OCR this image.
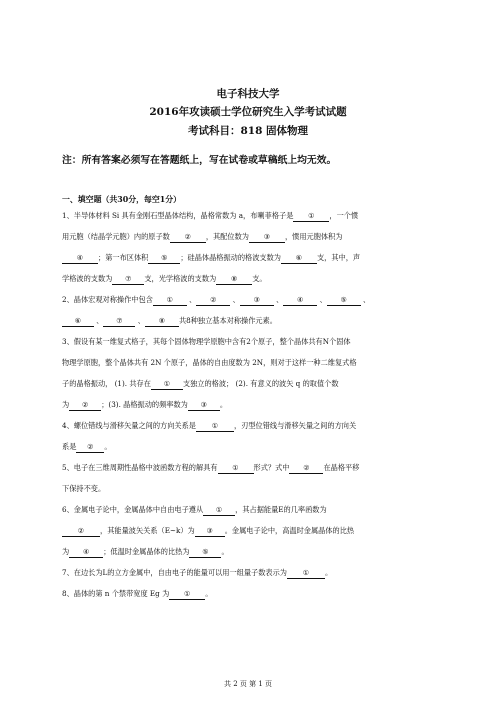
电子科技大学
2016年攻读硕士学位研究生入学考试试题
考试科目：818 固体物理
注：所有答案必须写在答题纸上，写在试卷或草稿纸上均无效。
一、填空题（共30分，每空1分）
1、半导体材料 Si 具有金刚石型晶体结构，晶格常数为 a，布喇菲格子是 ① ，一个惯
用元胞（结晶学元胞）内的原子数 ② ，其配位数为 ③ ，惯用元胞体积为
④ ；第一布区体积 ⑤ ；硅晶体晶格振动的格波支数为 ⑥ 支，其中，声
学格波的支数为 ⑦ 支，光学格波的支数为 ⑧ 支。
2、晶体宏观对称操作中包含 ① 、 ② 、 ③ 、 ④ 、 ⑤ 、
⑥ 、 ⑦ 、 ⑧ 共8种独立基本对称操作元素。
3、假设有某一维复式格子，其每个固体物理学原胞中含有2个原子，整个晶体共有N个固体
物理学原胞，整个晶体共有 2N 个原子，晶体的自由度数为 2N，则对于这样一种二维复式格
子的晶格振动， (1). 共存在 ① 支独立的格波； (2). 有意义的波矢 q 的取值个数
为 ② ；(3). 晶格振动的频率数为 ③ 。
4、螺位错线与滑移矢量之间的方向关系是 ① ，刃型位错线与滑移矢量之间的方向关
系是 ② 。
5、电子在三维周期性晶格中波函数方程的解具有 ① 形式？式中 ② 在晶格平移
下保持不变。
6、金属电子论中，金属晶体中自由电子遵从 ① ，其占据能量E的几率函数为
② ，其能量波矢关系（E~k）为 ③ 。金属电子论中，高温时金属晶体的比热
为 ④ ；低温时金属晶体的比热为 ⑤ 。
7、在边长为L的立方金属中，自由电子的能量可以用一组量子数表示为 ① 。
8、晶体的第 n 个禁带宽度 Eg 为 ① 。
共 2 页 第 1 页
